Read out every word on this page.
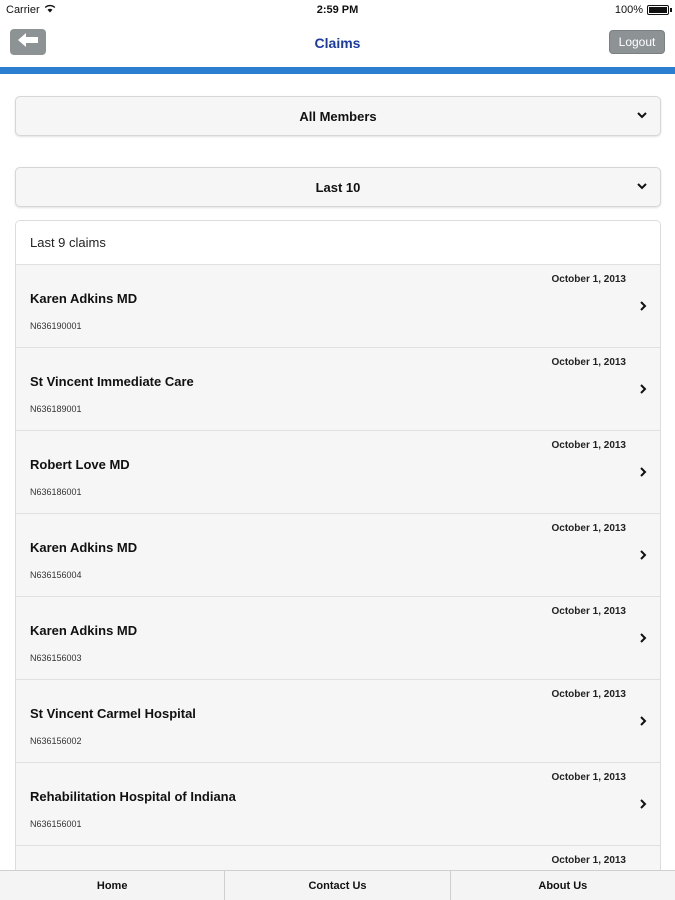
Carrier	2:59 PM	100%
Claims	Logout
All Members
Last 10
Last 9 claims
October 1, 2013
Karen Adkins MD
N636190001
October 1, 2013
St Vincent Immediate Care
N636189001
October 1, 2013
Robert Love MD
N636186001
October 1, 2013
Karen Adkins MD
N636156004
October 1, 2013
Karen Adkins MD
N636156003
October 1, 2013
St Vincent Carmel Hospital
N636156002
October 1, 2013
Rehabilitation Hospital of Indiana
N636156001
October 1, 2013
Home	Contact Us	About Us
